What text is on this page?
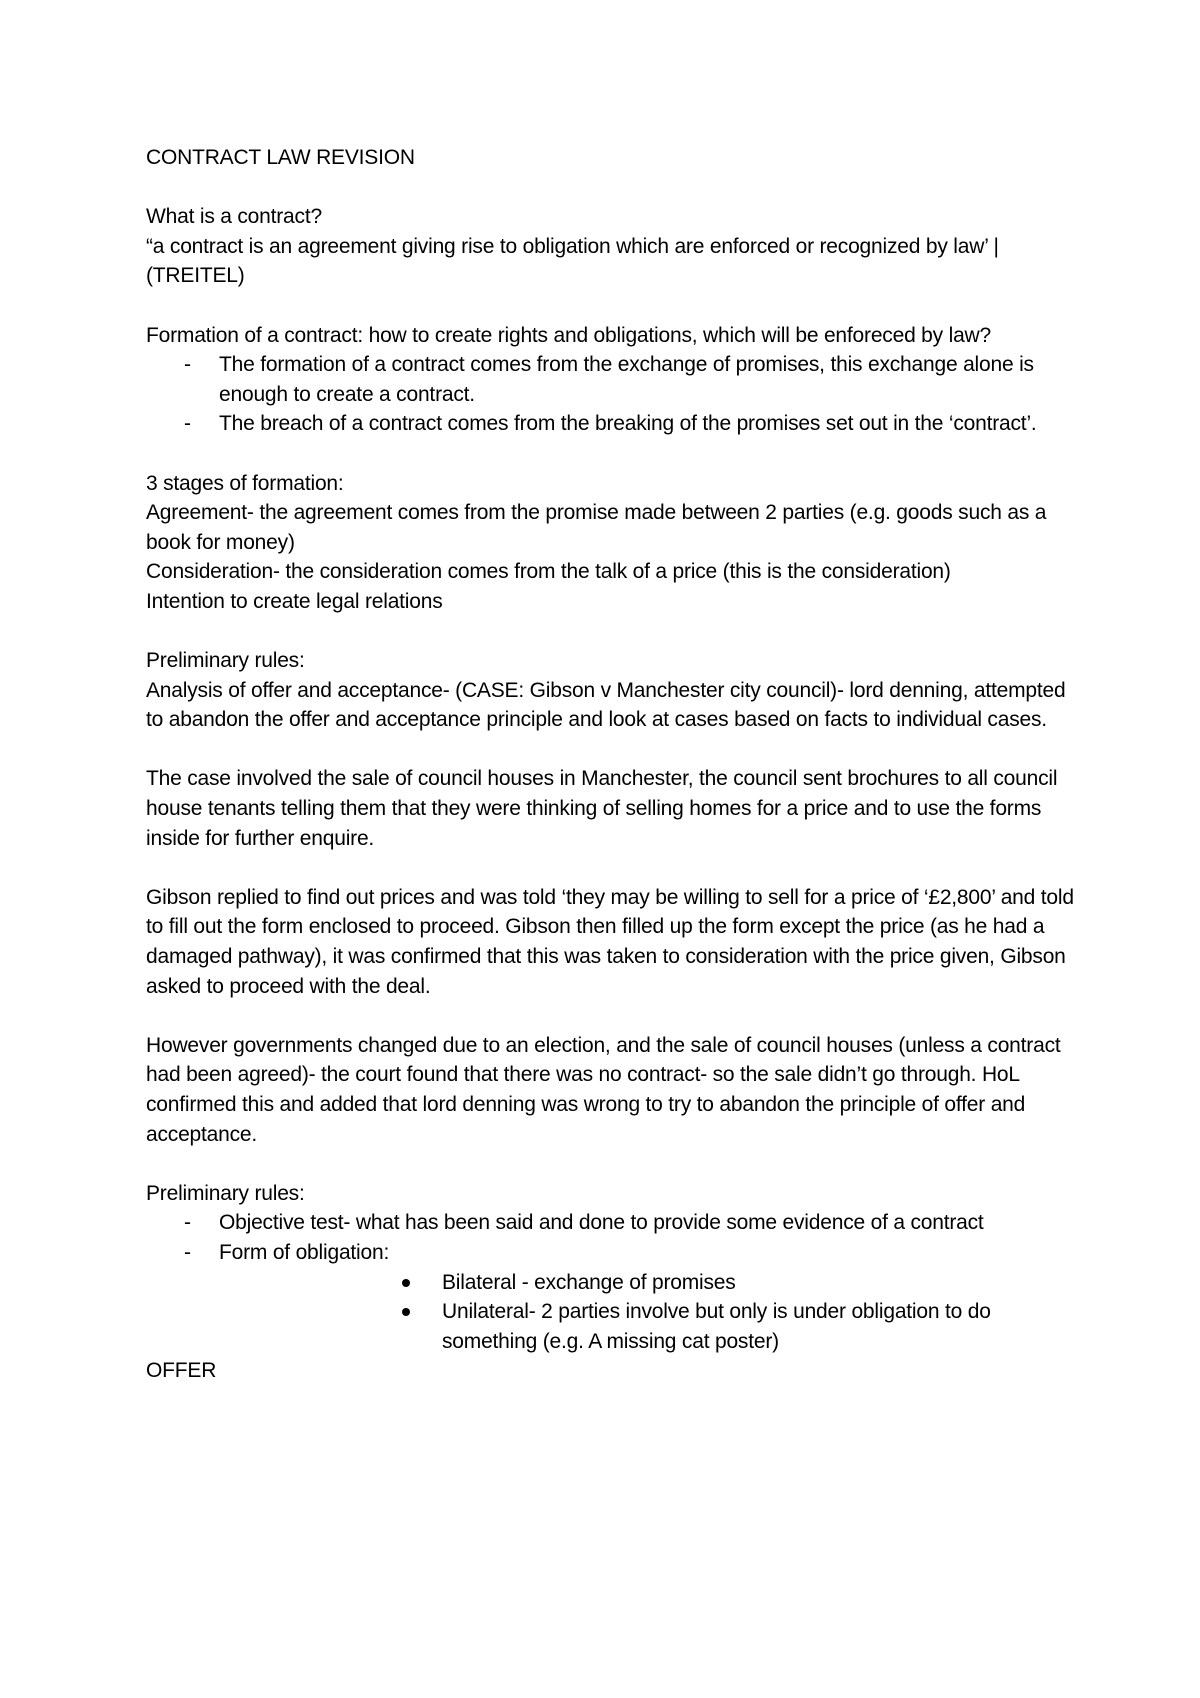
CONTRACT LAW REVISION

What is a contract?

“a contract is an agreement giving rise to obligation which are enforced or recognized by law’ |(TREITEL)

Formation of a contract: how to create rights and obligations, which will be enforeced by law?

- The formation of a contract comes from the exchange of promises, this exchange alone is enough to create a contract.
- The breach of a contract comes from the breaking of the promises set out in the ‘contract’.

3 stages of formation:

Agreement- the agreement comes from the promise made between 2 parties (e.g. goods such as a book for money)

Consideration- the consideration comes from the talk of a price (this is the consideration)

Intention to create legal relations

Preliminary rules:

Analysis of offer and acceptance- (CASE: Gibson v Manchester city council)- lord denning, attempted to abandon the offer and acceptance principle and look at cases based on facts to individual cases.

The case involved the sale of council houses in Manchester, the council sent brochures to all council house tenants telling them that they were thinking of selling homes for a price and to use the forms inside for further enquire.

Gibson replied to find out prices and was told ‘they may be willing to sell for a price of ‘£2,800’ and told to fill out the form enclosed to proceed. Gibson then filled up the form except the price (as he had a damaged pathway), it was confirmed that this was taken to consideration with the price given, Gibson asked to proceed with the deal.

However governments changed due to an election, and the sale of council houses (unless a contract had been agreed)- the court found that there was no contract- so the sale didn’t go through. HoL confirmed this and added that lord denning was wrong to try to abandon the principle of offer and acceptance.

Preliminary rules:

- Objective test- what has been said and done to provide some evidence of a contract
- Form of obligation:
Bilateral - exchange of promises
Unilateral- 2 parties involve but only is under obligation to do something (e.g. A missing cat poster)

OFFER
